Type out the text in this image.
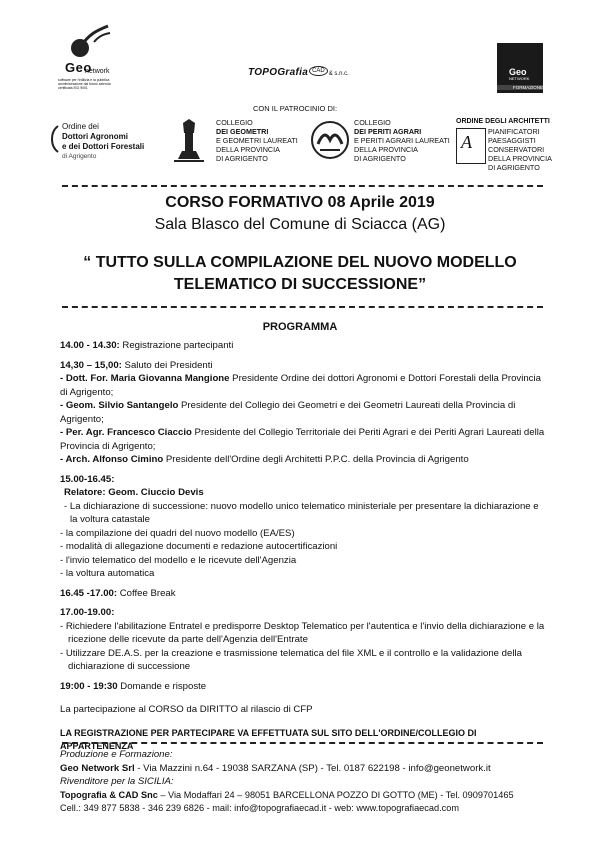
Geo
network
software per l'edilizia e la pubblica amministrazione dal futuro azienda certificata ISO 9001
TOPOGrafia CAD& s.n.c.	Geo
NETWORK
FORMAZIONE
CON IL PATROCINIO DI:
Ordine dei
Dottori Agronomi
e dei Dottori Forestali
di Agrigento
COLLEGIO
DEI GEOMETRI
E GEOMETRI LAUREATI
DELLA PROVINCIA
DI AGRIGENTO
COLLEGIO
DEI PERITI AGRARI
E PERITI AGRARI LAUREATI
DELLA PROVINCIA
DI AGRIGENTO
ORDINE DEGLI ARCHITETTI
A
PIANIFICATORI
PAESAGGISTI
CONSERVATORI
DELLA PROVINCIA
DI AGRIGENTO
CORSO FORMATIVO 08 Aprile 2019
Sala Blasco del Comune di Sciacca (AG)
“ TUTTO SULLA COMPILAZIONE DEL NUOVO MODELLO
TELEMATICO DI SUCCESSIONE”
PROGRAMMA

14.00 - 14.30: Registrazione partecipanti

14,30 – 15,00: Saluto dei Presidenti

- Dott. For. Maria Giovanna Mangione Presidente Ordine dei dottori Agronomi e Dottori Forestali della Provincia di Agrigento;

- Geom. Silvio Santangelo Presidente del Collegio dei Geometri e dei Geometri Laureati della Provincia di Agrigento;

- Per. Agr. Francesco Ciaccio Presidente del Collegio Territoriale dei Periti Agrari e dei Periti Agrari Laureati della Provincia di Agrigento;

- Arch. Alfonso Cimino Presidente dell'Ordine degli Architetti P.P.C. della Provincia di Agrigento

15.00-16.45:

Relatore: Geom. Ciuccio Devis

- La dichiarazione di successione: nuovo modello unico telematico ministeriale per presentare la dichiarazione e la voltura catastale

- la compilazione dei quadri del nuovo modello (EA/ES)

- modalità di allegazione documenti e redazione autocertificazioni

- l'invio telematico del modello e le ricevute dell'Agenzia

- la voltura automatica

16.45 -17.00: Coffee Break

17.00-19.00:

- Richiedere l'abilitazione Entratel e predisporre Desktop Telematico per l'autentica e l'invio della dichiarazione e la ricezione delle ricevute da parte dell'Agenzia dell'Entrate

- Utilizzare DE.A.S. per la creazione e trasmissione telematica del file XML e il controllo e la validazione della dichiarazione di successione

19:00 - 19:30 Domande e risposte

La partecipazione al CORSO da DIRITTO al rilascio di CFP

LA REGISTRAZIONE PER PARTECIPARE VA EFFETTUATA SUL SITO DELL'ORDINE/COLLEGIO DI APPARTENENZA

Produzione e Formazione:
Geo Network Srl - Via Mazzini n.64 - 19038 SARZANA (SP) - Tel. 0187 622198 - info@geonetwork.it
Rivenditore per la SICILIA:
Topografia & CAD Snc – Via Modaffari 24 – 98051 BARCELLONA POZZO DI GOTTO (ME) - Tel. 0909701465
Cell.: 349 877 5838 - 346 239 6826 - mail: info@topografiaecad.it - web: www.topografiaecad.com
